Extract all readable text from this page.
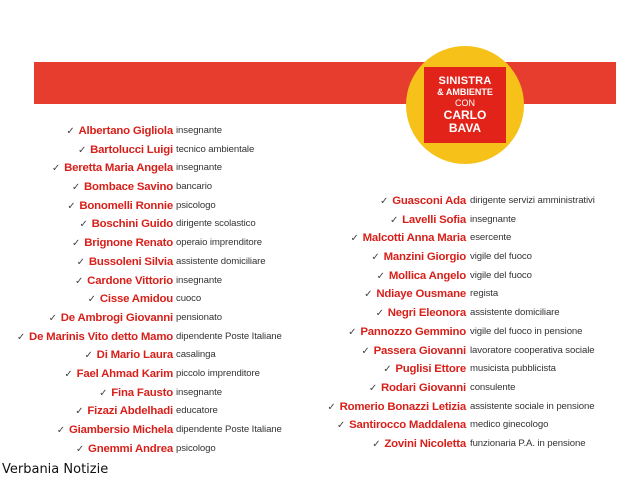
SINISTRA
& AMBIENTE
CON
CARLO
BAVA
✓ Albertano Gigliola insegnante
✓ Bartolucci Luigi tecnico ambientale
✓ Beretta Maria Angela insegnante
✓ Bombace Savino bancario
✓ Bonomelli Ronnie psicologo
✓ Boschini Guido dirigente scolastico
✓ Brignone Renato operaio imprenditore
✓ Bussoleni Silvia assistente domiciliare
✓ Cardone Vittorio insegnante
✓ Cisse Amidou cuoco
✓ De Ambrogi Giovanni pensionato
✓ De Marinis Vito detto Mamo dipendente Poste Italiane
✓ Di Mario Laura casalinga
✓ Fael Ahmad Karim piccolo imprenditore
✓ Fina Fausto insegnante
✓ Fizazi Abdelhadi educatore
✓ Giambersio Michela dipendente Poste Italiane
✓ Gnemmi Andrea psicologo
✓ Guasconi Ada dirigente servizi amministrativi
✓ Lavelli Sofia insegnante
✓ Malcotti Anna Maria esercente
✓ Manzini Giorgio vigile del fuoco
✓ Mollica Angelo vigile del fuoco
✓ Ndiaye Ousmane regista
✓ Negri Eleonora assistente domiciliare
✓ Pannozzo Gemmino vigile del fuoco in pensione
✓ Passera Giovanni lavoratore cooperativa sociale
✓ Puglisi Ettore musicista pubblicista
✓ Rodari Giovanni consulente
✓ Romerio Bonazzi Letizia assistente sociale in pensione
✓ Santirocco Maddalena medico ginecologo
✓ Zovini Nicoletta funzionaria P.A. in pensione
Verbania Notizie
